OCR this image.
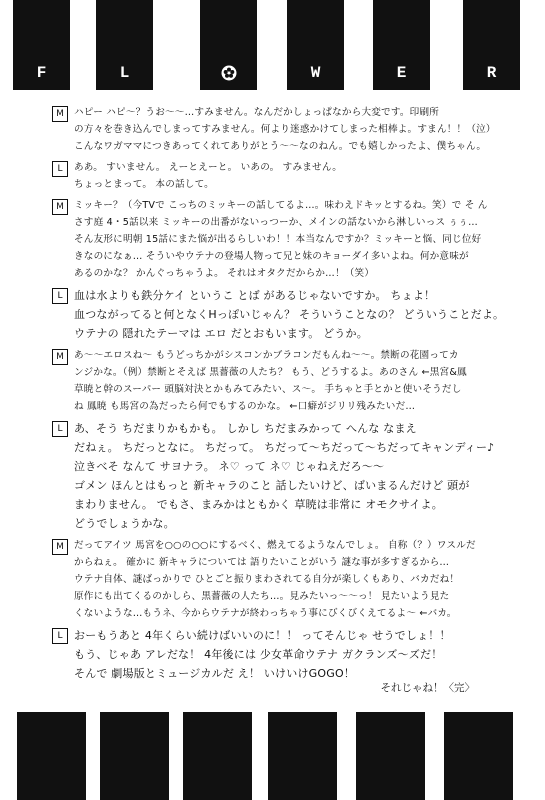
F	L	W	E	R
M	ハピー ハピ〜？うお〜〜…すみません。なんだかしょっぱなから大変です。印刷所
の方々を巻き込んでしまってすみません。何より迷惑かけてしまった相棒よ。すまん！！（泣）
こんなワガママにつきあってくれてありがとう〜〜なのねん。でも嬉しかったよ、僕ちゃん。
L	ああ。 すいません。 えーとえーと。 いあの。 すみません。
ちょっとまって。 本の話して。
M	ミッキー？（今TVで こっちのミッキーの話してるよ…。味わえドキッとするね。笑）で そ ん
さす庭 4・5話以来 ミッキーの出番がないっつーか、メインの話ないから淋しいっス ぅぅ…
そん友形に明朝 15話にまた悩が出るらしいわ！！本当なんですか？ミッキーと悩、同じ位好
きなのになぁ… そういやウテナの登場人物って兄と妹のキョーダイ多いよね。何か意味が
あるのかな？ かんぐっちゃうよ。 それはオタクだからか…！（笑）
L	血は水よりも鉄分ケイ というこ とば があるじゃないですか。 ちょよ！
血つながってると何となくHっぽいじゃん？ そういうことなの？ どういうことだよ。
ウテナの 隠れたテーマは エロ だとおもいます。 どうか。
M	あ〜〜エロスね〜 もうどっちかがシスコンかブラコンだもんね〜〜。禁断の花園ってカ
ンジかな。（例）禁断とそえば 黒薔薇の人たち？ もう、どうするよ。あのさん ←黒宮&鳳
草暁と幹のスーパー 頭脳対決とかもみてみたい、ス〜。 手ちゃと手とかと使いそうだし
ね 鳳暁 も馬宮の為だったら何でもするのかな。 ←口癖がジリリ残みたいだ…
L	あ、そう ちだまりかもかも。 しかし ちだまみかって へんな なまえ
だねぇ。 ちだっとなに。 ちだって。 ちだって〜ちだって〜ちだってキャンディー♪
泣きべそ なんて サヨナラ。 ネ♡ って ネ♡ じゃねえだろ〜〜
ゴメン ほんとはもっと 新キャラのこと 話したいけど、ばいまるんだけど 頭が
まわりません。 でもさ、まみかはともかく 草暁は非常に オモクサイよ。
どうでしょうかな。
M	だってアイツ 馬宮を○○の○○にするべく、燃えてるようなんでしょ。 自称（？）ワスルだ
からねぇ。 確かに 新キャラについては 語りたいことがいう 謎な事が多すぎるから…
ウテナ自体、謎ばっかりで ひとごと振りまわされてる自分が楽しくもあり、バカだね！
原作にも出てくるのかしら、黒薔薇の人たち…。見みたいっ〜〜っ！ 見たいよう見た
くないような…もうネ、今からウテナが終わっちゃう事にびくびくえてるよ〜 ←バカ。
L	おーもうあと 4年くらい続けばいいのに！！ ってそんじゃ せうでしょ！！
もう、じゃあ アレだな！ 4年後には 少女革命ウテナ ガクランズ〜ズだ！
そんで 劇場版とミュージカルだ え！ いけいけGOGO！
それじゃね！〈完〉
